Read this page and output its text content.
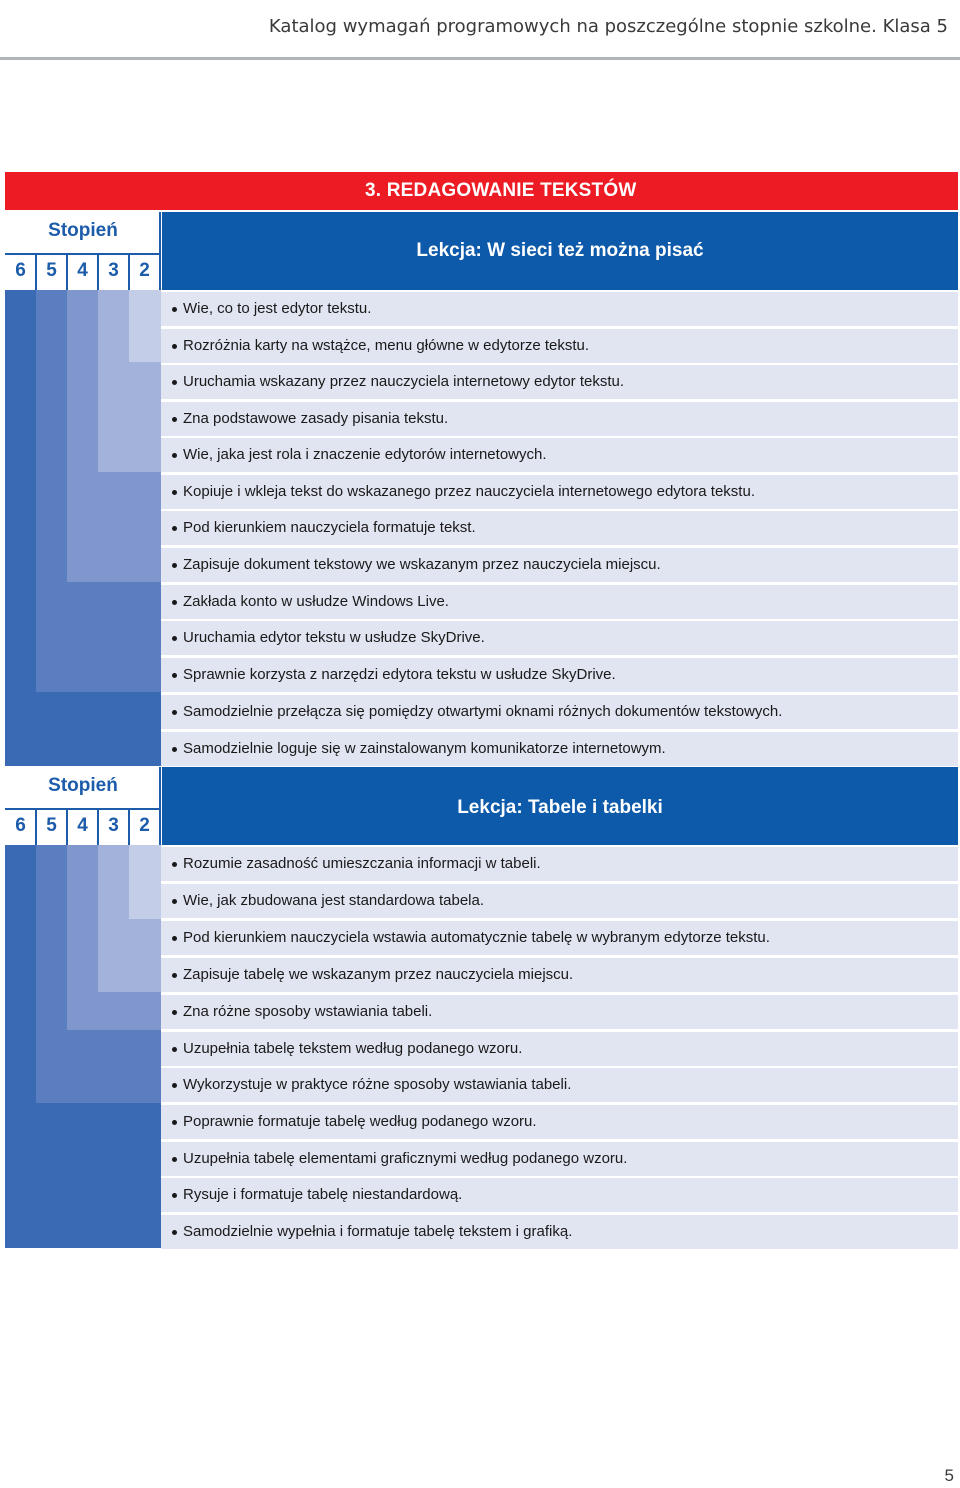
Katalog wymagań programowych na poszczególne stopnie szkolne. Klasa 5
3. REDAGOWANIE TEKSTÓW
Stopień
6	5	4	3	2
Lekcja: W sieci też można pisać
Wie, co to jest edytor tekstu.
Rozróżnia karty na wstążce, menu główne w edytorze tekstu.
Uruchamia wskazany przez nauczyciela internetowy edytor tekstu.
Zna podstawowe zasady pisania tekstu.
Wie, jaka jest rola i znaczenie edytorów internetowych.
Kopiuje i wkleja tekst do wskazanego przez nauczyciela internetowego edytora tekstu.
Pod kierunkiem nauczyciela formatuje tekst.
Zapisuje dokument tekstowy we wskazanym przez nauczyciela miejscu.
Zakłada konto w usłudze Windows Live.
Uruchamia edytor tekstu w usłudze SkyDrive.
Sprawnie korzysta z narzędzi edytora tekstu w usłudze SkyDrive.
Samodzielnie przełącza się pomiędzy otwartymi oknami różnych dokumentów tekstowych.
Samodzielnie loguje się w zainstalowanym komunikatorze internetowym.
Stopień
6	5	4	3	2
Lekcja: Tabele i tabelki
Rozumie zasadność umieszczania informacji w tabeli.
Wie, jak zbudowana jest standardowa tabela.
Pod kierunkiem nauczyciela wstawia automatycznie tabelę w wybranym edytorze tekstu.
Zapisuje tabelę we wskazanym przez nauczyciela miejscu.
Zna różne sposoby wstawiania tabeli.
Uzupełnia tabelę tekstem według podanego wzoru.
Wykorzystuje w praktyce różne sposoby wstawiania tabeli.
Poprawnie formatuje tabelę według podanego wzoru.
Uzupełnia tabelę elementami graficznymi według podanego wzoru.
Rysuje i formatuje tabelę niestandardową.
Samodzielnie wypełnia i formatuje tabelę tekstem i grafiką.
5
